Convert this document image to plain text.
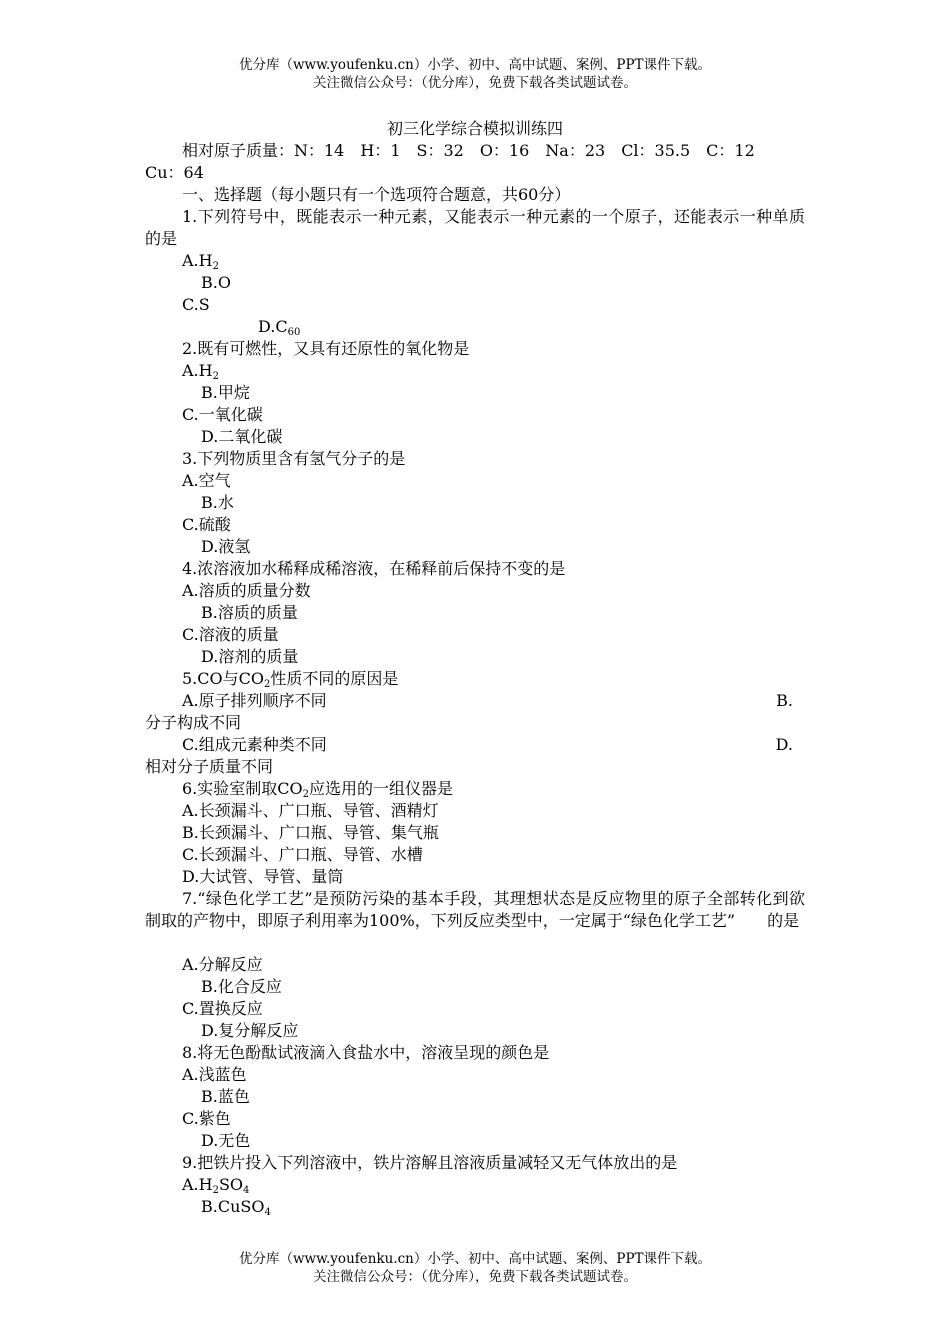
优分库（www.youfenku.cn）小学、初中、高中试题、案例、PPT课件下载。
关注微信公众号：（优分库），免费下载各类试题试卷。
初三化学综合模拟训练四
相对原子质量：N：14　H：1　S：32　O：16　Na：23　Cl：35.5　C：12
Cu：64
一、选择题（每小题只有一个选项符合题意，共60分）
1.下列符号中，既能表示一种元素，又能表示一种元素的一个原子，还能表示一种单质的是
$A.H_2$
B.O
C.S
$D.C_{60}$
2.既有可燃性，又具有还原性的氧化物是
$A.H_2$
B.甲烷
C.一氧化碳
D.二氧化碳
3.下列物质里含有氢气分子的是
A.空气
B.水
C.硫酸
D.液氢
4.浓溶液加水稀释成稀溶液，在稀释前后保持不变的是
A.溶质的质量分数
B.溶质的质量
C.溶液的质量
D.溶剂的质量
5.CO与$CO_2$性质不同的原因是
A.原子排列顺序不同	B.
分子构成不同
C.组成元素种类不同	D.
相对分子质量不同
6.实验室制取$CO_2$应选用的一组仪器是
A.长颈漏斗、广口瓶、导管、酒精灯
B.长颈漏斗、广口瓶、导管、集气瓶
C.长颈漏斗、广口瓶、导管、水槽
D.大试管、导管、量筒
7.“绿色化学工艺”是预防污染的基本手段，其理想状态是反应物里的原子全部转化到欲制取的产物中，即原子利用率为100%，下列反应类型中，一定属于“绿色化学工艺”　　的是
A.分解反应
B.化合反应
C.置换反应
D.复分解反应
8.将无色酚酞试液滴入食盐水中，溶液呈现的颜色是
A.浅蓝色
B.蓝色
C.紫色
D.无色
9.把铁片投入下列溶液中，铁片溶解且溶液质量减轻又无气体放出的是
$A.H_2SO_4$
B.CuSO$_4$
优分库（www.youfenku.cn）小学、初中、高中试题、案例、PPT课件下载。
关注微信公众号：（优分库），免费下载各类试题试卷。
